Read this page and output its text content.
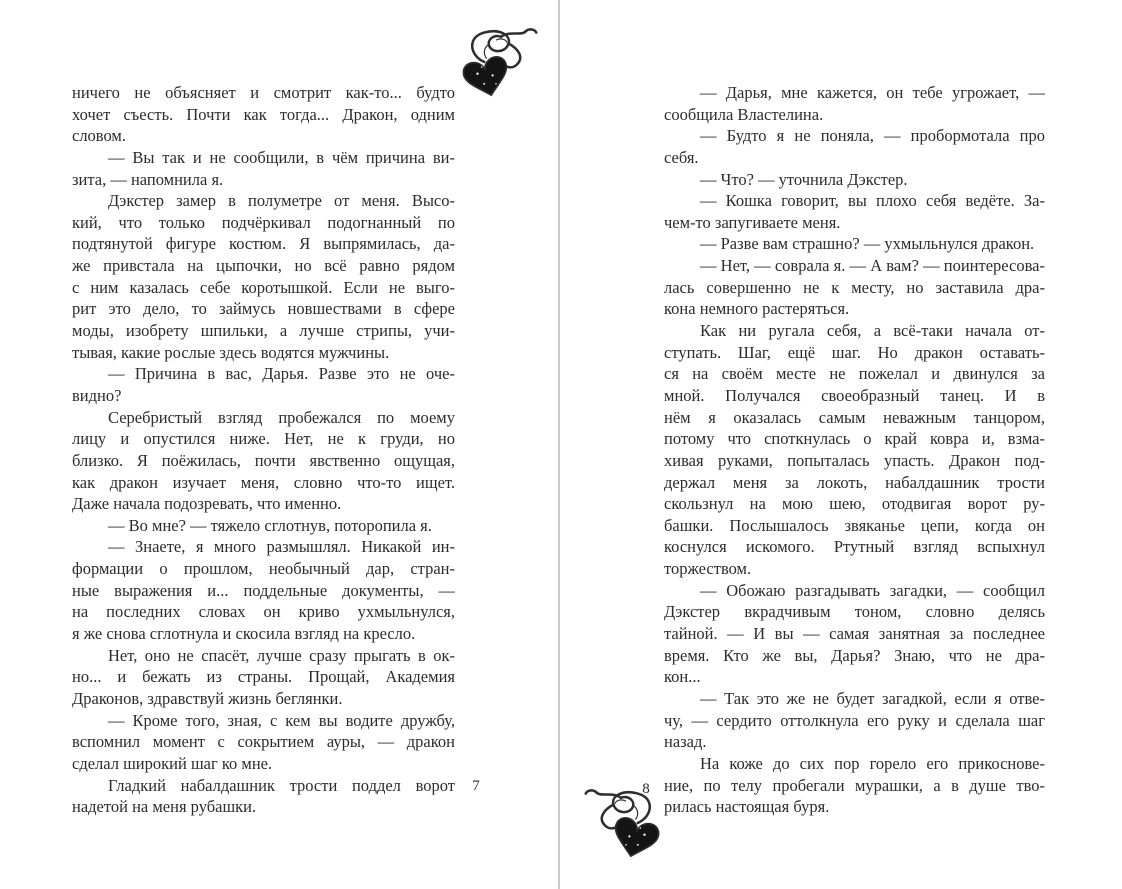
ничего не объясняет и смотрит как-то... будто
хочет съесть. Почти как тогда... Дракон, одним
словом.
— Вы так и не сообщили, в чём причина ви-
зита, — напомнила я.
Дэкстер замер в полуметре от меня. Высо-
кий, что только подчёркивал подогнанный по
подтянутой фигуре костюм. Я выпрямилась, да-
же привстала на цыпочки, но всё равно рядом
с ним казалась себе коротышкой. Если не выго-
рит это дело, то займусь новшествами в сфере
моды, изобрету шпильки, а лучше стрипы, учи-
тывая, какие рослые здесь водятся мужчины.
— Причина в вас, Дарья. Разве это не оче-
видно?
Серебристый взгляд пробежался по моему
лицу и опустился ниже. Нет, не к груди, но
близко. Я поёжилась, почти явственно ощущая,
как дракон изучает меня, словно что-то ищет.
Даже начала подозревать, что именно.
— Во мне? — тяжело сглотнув, поторопила я.
— Знаете, я много размышлял. Никакой ин-
формации о прошлом, необычный дар, стран-
ные выражения и... поддельные документы, —
на последних словах он криво ухмыльнулся,
я же снова сглотнула и скосила взгляд на кресло.
Нет, оно не спасёт, лучше сразу прыгать в ок-
но... и бежать из страны. Прощай, Академия
Драконов, здравствуй жизнь беглянки.
— Кроме того, зная, с кем вы водите дружбу,
вспомнил момент с сокрытием ауры, — дракон
сделал широкий шаг ко мне.
Гладкий набалдашник трости поддел ворот
надетой на меня рубашки.
— Дарья, мне кажется, он тебе угрожает, —
сообщила Властелина.
— Будто я не поняла, — пробормотала про
себя.
— Что? — уточнила Дэкстер.
— Кошка говорит, вы плохо себя ведёте. За-
чем-то запугиваете меня.
— Разве вам страшно? — ухмыльнулся дракон.
— Нет, — соврала я. — А вам? — поинтересова-
лась совершенно не к месту, но заставила дра-
кона немного растеряться.
Как ни ругала себя, а всё-таки начала от-
ступать. Шаг, ещё шаг. Но дракон оставать-
ся на своём месте не пожелал и двинулся за
мной. Получался своеобразный танец. И в
нём я оказалась самым неважным танцором,
потому что споткнулась о край ковра и, взма-
хивая руками, попыталась упасть. Дракон под-
держал меня за локоть, набалдашник трости
скользнул на мою шею, отодвигая ворот ру-
башки. Послышалось звяканье цепи, когда он
коснулся искомого. Ртутный взгляд вспыхнул
торжеством.
— Обожаю разгадывать загадки, — сообщил
Дэкстер вкрадчивым тоном, словно делясь
тайной. — И вы — самая занятная за последнее
время. Кто же вы, Дарья? Знаю, что не дра-
кон...
— Так это же не будет загадкой, если я отве-
чу, — сердито оттолкнула его руку и сделала шаг
назад.
На коже до сих пор горело его прикоснове-
ние, по телу пробегали мурашки, а в душе тво-
рилась настоящая буря.
7	8
